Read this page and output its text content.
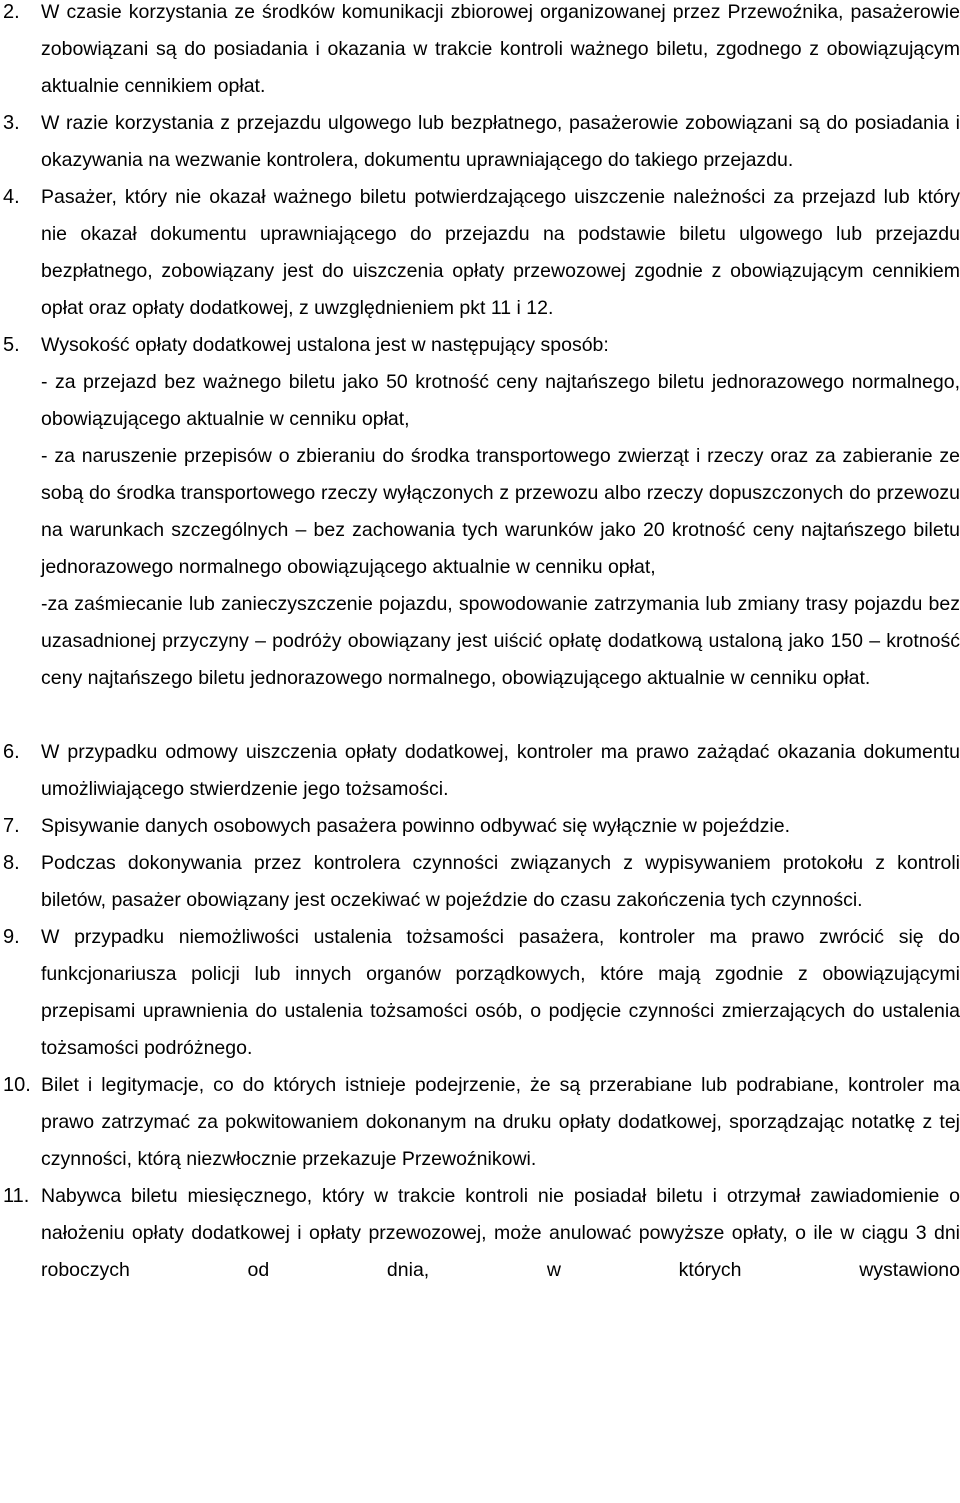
2.	W czasie korzystania ze środków komunikacji zbiorowej organizowanej przez Przewoźnika, pasażerowie zobowiązani są do posiadania i okazania w trakcie kontroli ważnego biletu, zgodnego z obowiązującym aktualnie cennikiem opłat.
3.	W razie korzystania z przejazdu ulgowego lub bezpłatnego, pasażerowie zobowiązani są do posiadania i okazywania na wezwanie kontrolera, dokumentu uprawniającego do takiego przejazdu.
4.	Pasażer, który nie okazał ważnego biletu potwierdzającego uiszczenie należności za przejazd lub który nie okazał dokumentu uprawniającego do przejazdu na podstawie biletu ulgowego lub przejazdu bezpłatnego, zobowiązany jest do uiszczenia opłaty przewozowej zgodnie z obowiązującym cennikiem opłat oraz opłaty dodatkowej, z uwzględnieniem pkt 11 i 12.
5.	Wysokość opłaty dodatkowej ustalona jest w następujący sposób:
- za przejazd bez ważnego biletu jako 50 krotność ceny najtańszego biletu jednorazowego normalnego, obowiązującego aktualnie w cenniku opłat,
- za naruszenie przepisów o zbieraniu do środka transportowego zwierząt i rzeczy oraz za zabieranie ze sobą do środka transportowego rzeczy wyłączonych z przewozu albo rzeczy dopuszczonych do przewozu na warunkach szczególnych – bez zachowania tych warunków jako 20 krotność ceny najtańszego biletu jednorazowego normalnego obowiązującego aktualnie w cenniku opłat,
-za zaśmiecanie lub zanieczyszczenie pojazdu, spowodowanie zatrzymania lub zmiany trasy pojazdu bez uzasadnionej przyczyny – podróży obowiązany jest uiścić opłatę dodatkową ustaloną jako 150 – krotność ceny najtańszego biletu jednorazowego normalnego, obowiązującego aktualnie w cenniku opłat.
6.	W przypadku odmowy uiszczenia opłaty dodatkowej, kontroler ma prawo zażądać okazania dokumentu umożliwiającego stwierdzenie jego tożsamości.
7.	Spisywanie danych osobowych pasażera powinno odbywać się wyłącznie w pojeździe.
8.	Podczas dokonywania przez kontrolera czynności związanych z wypisywaniem protokołu z kontroli biletów, pasażer obowiązany jest oczekiwać w pojeździe do czasu zakończenia tych czynności.
9.	W przypadku niemożliwości ustalenia tożsamości pasażera, kontroler ma prawo zwrócić się do funkcjonariusza policji lub innych organów porządkowych, które mają zgodnie z obowiązującymi przepisami uprawnienia do ustalenia tożsamości osób, o podjęcie czynności zmierzających do ustalenia tożsamości podróżnego.
10. Bilet i legitymacje, co do których istnieje podejrzenie, że są przerabiane lub podrabiane, kontroler ma prawo zatrzymać za pokwitowaniem dokonanym na druku opłaty dodatkowej, sporządzając notatkę z tej czynności, którą niezwłocznie przekazuje Przewoźnikowi.
11. Nabywca biletu miesięcznego, który w trakcie kontroli nie posiadał biletu i otrzymał zawiadomienie o nałożeniu opłaty dodatkowej i opłaty przewozowej, może anulować powyższe opłaty, o ile w ciągu 3 dni roboczych od dnia, w których wystawiono
